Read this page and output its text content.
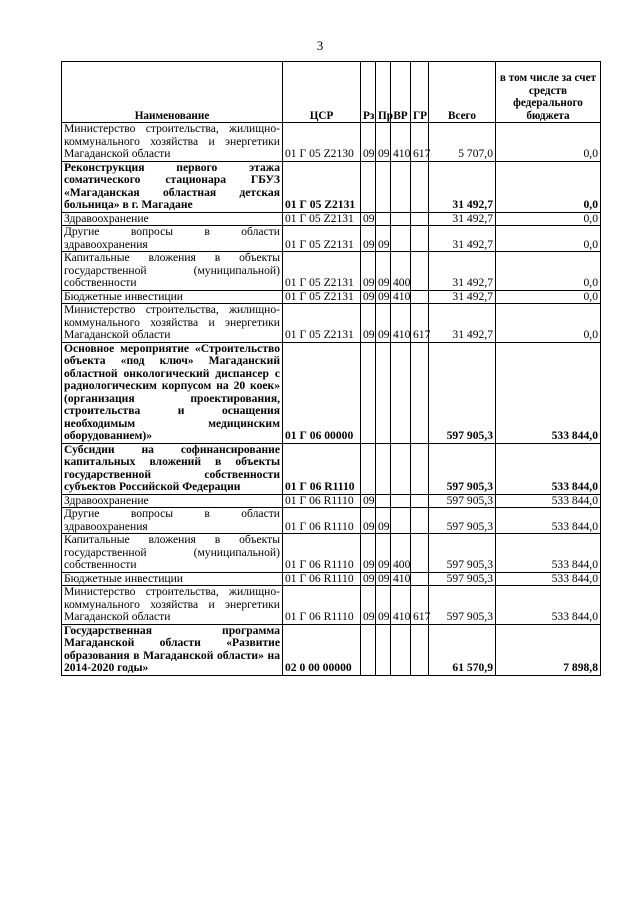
3
Наименование	ЦСР	Рз	Пр	ВР	ГР	Всего	в том числе за счет средств федерального бюджета
Министерство строительства, жилищно-коммунального хозяйства и энергетики Магаданской области	01 Г 05 Z2130	09	09	410	617	5 707,0	0,0
Реконструкция первого этажа соматического стационара ГБУЗ «Магаданская областная детская больница» в г. Магадане	01 Г 05 Z2131					31 492,7	0,0
Здравоохранение	01 Г 05 Z2131	09				31 492,7	0,0
Другие вопросы в области здравоохранения	01 Г 05 Z2131	09	09			31 492,7	0,0
Капитальные вложения в объекты государственной (муниципальной) собственности	01 Г 05 Z2131	09	09	400		31 492,7	0,0
Бюджетные инвестиции	01 Г 05 Z2131	09	09	410		31 492,7	0,0
Министерство строительства, жилищно-коммунального хозяйства и энергетики Магаданской области	01 Г 05 Z2131	09	09	410	617	31 492,7	0,0
Основное мероприятие «Строительство объекта «под ключ» Магаданский областной онкологический диспансер с радиологическим корпусом на 20 коек» (организация проектирования, строительства и оснащения необходимым медицинским оборудованием)»	01 Г 06 00000					597 905,3	533 844,0
Субсидии на софинансирование капитальных вложений в объекты государственной собственности субъектов Российской Федерации	01 Г 06 R1110					597 905,3	533 844,0
Здравоохранение	01 Г 06 R1110	09				597 905,3	533 844,0
Другие вопросы в области здравоохранения	01 Г 06 R1110	09	09			597 905,3	533 844,0
Капитальные вложения в объекты государственной (муниципальной) собственности	01 Г 06 R1110	09	09	400		597 905,3	533 844,0
Бюджетные инвестиции	01 Г 06 R1110	09	09	410		597 905,3	533 844,0
Министерство строительства, жилищно-коммунального хозяйства и энергетики Магаданской области	01 Г 06 R1110	09	09	410	617	597 905,3	533 844,0
Государственная программа Магаданской области «Развитие образования в Магаданской области» на 2014-2020 годы»	02 0 00 00000					61 570,9	7 898,8
